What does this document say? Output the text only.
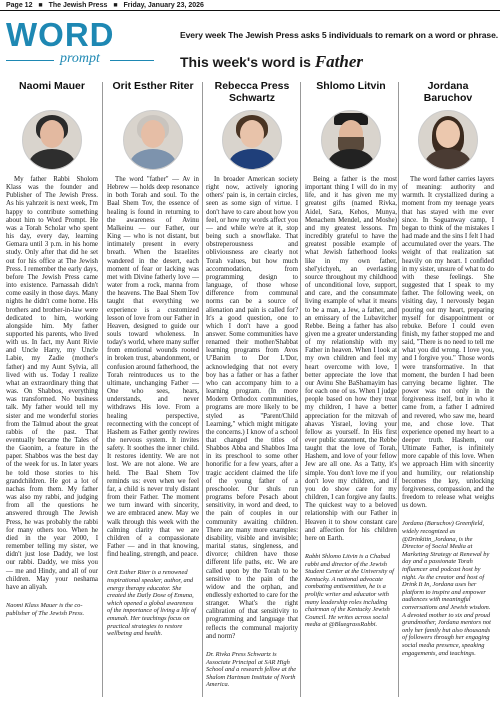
Page 12 ■ The Jewish Press ■ Friday, January 23, 2026
WORD
prompt
Every week The Jewish Press asks 5 individuals to remark on a word or phrase.
This week's word is Father
Naomi Mauer

My father Rabbi Sholom Klass was the founder and Publisher of The Jewish Press. As his yahrzeit is next week, I'm happy to contribute something about him to Word Prompt. He was a Torah Scholar who spent his day, every day, learning Gemara until 3 p.m. in his home study. Only after that did he set out for his office at The Jewish Press. I remember the early days, before The Jewish Press came into existence. Parnassah didn't come easily in those days. Many nights he didn't come home. His brothers and brother-in-law were dedicated to him, working alongside him. My father supported his parents, who lived with us. In fact, my Aunt Rivie and Uncle Harry, my Uncle Labie, my Zadie (mother's father) and my Aunt Sylvia, all lived with us. Today I realize what an extraordinary thing that was. On Shabbos, everything was transformed. No business talk. My father would tell my sister and me wonderful stories from the Talmud about the great rabbis of the past. That eventually became the Tales of the Gaonim, a feature in the paper. Shabbos was the best day of the week for us. In later years he told those stories to his grandchildren. He got a lot of nachas from them. My father was also my rabbi, and judging from all the questions he answered through The Jewish Press, he was probably the rabbi for many others too. When he died in the year 2000, I remember telling my sister, we didn't just lose Daddy, we lost our rabbi. Daddy, we miss you — me and Hindy, and all of our children. May your neshama have an aliyah.

Naomi Klass Mauer is the co-publisher of The Jewish Press.
Orit Esther Riter

The word "father" — Av in Hebrew — holds deep resonance in both Torah and soul. To the Baal Shem Tov, the essence of healing is found in returning to the awareness of Avinu Malkeinu — our Father, our King — who is not distant, but intimately present in every breath. When the Israelites wandered in the desert, each moment of fear or lacking was met with Divine fatherly love — water from a rock, manna from the heavens. The Baal Shem Tov taught that everything we experience is a customized lesson of love from our Father in Heaven, designed to guide our souls toward wholeness. In today's world, where many suffer from emotional wounds rooted in broken trust, abandonment, or confusion around fatherhood, the Torah reintroduces us to the ultimate, unchanging Father — One who sees, hears, understands, and never withdraws His love. From a healing perspective, reconnecting with the concept of Hashem as Father gently rewires the nervous system. It invites safety. It soothes the inner child. It restores identity. We are not lost. We are not alone. We are held. The Baal Shem Tov reminds us: even when we feel far, a child is never truly distant from their Father. The moment we turn inward with sincerity, we are embraced anew. May we walk through this week with the calming clarity that we are children of a compassionate Father — and in that knowing, find healing, strength, and peace.

Orit Esther Riter is a renowned inspirational speaker, author, and energy therapy educator. She created the Daily Dose of Emuna, which opened a global awareness of the importance of living a life of emunah. Her teachings focus on practical strategies to restore wellbeing and health.
Rebecca Press Schwartz

In broader American society right now, actively ignoring others' pain is, in certain circles, seen as some sign of virtue. I don't have to care about how you feel, or how my words affect you — and while we're at it, stop being such a snowflake. That obstreperousness and obliviousness are clearly not Torah values, but how much accommodation, from programming design to language, of those whose difference from communal norms can be a source of alienation and pain is called for? It's a good question, one to which I don't have a good answer. Some communities have renamed their mother/Shabbat learning programs from Avos U'Banim to Dor L'Dor, acknowledging that not every boy has a father or has a father who can accompany him to a learning program. (In more Modern Orthodox communities, programs are more likely to be styled as "Parent/Child Learning," which might mitigate the concerns.) I know of a school that changed the titles of Shabbos Abba and Shabbos Ima in its preschool to some other honorific for a few years, after a tragic accident claimed the life of the young father of a preschooler. Our shuls run programs before Pesach about sensitivity, in word and deed, to the pain of couples in our community awaiting children. There are many more examples: disability, visible and invisible; marital status, singleness, and divorce; children have those different life paths, etc. We are called upon by the Torah to be sensitive to the pain of the widow and the orphan, and endlessly exhorted to care for the stranger. What's the right calibration of that sensitivity to programming and language that reflects the communal majority and norm?

Dr. Rivka Press Schwartz is Associate Principal at SAR High School and a research fellow at the Shalom Hartman Institute of North America.
Shlomo Litvin

Being a father is the most important thing I will do in my life, and it has given me my greatest gifts (named Rivka, Aidel, Sara, Kehos, Munya, Menachem Mendel, and Moshe) and my greatest lessons. I'm incredibly grateful to have the greatest possible example of what Jewish fatherhood looks like in my own father, shel'yichyeh, an everlasting source throughout my childhood of unconditional love, support, and care, and the consummate living example of what it means to be a man, a Jew, a father, and an emissary of the Lubavitcher Rebbe. Being a father has also given me a greater understanding of my relationship with my Father in heaven. When I look at my own children and feel my heart overcome with love, I better appreciate the love that our Avinu She BaShamayim has for each one of us. When I judge people based on how they treat my children, I have a better appreciation for the mitzvah of ahavas Yisrael, loving your fellow as yourself. In His first ever public statement, the Rebbe taught that the love of Torah, Hashem, and love of your fellow Jew are all one. As a Tatty, it's simple. You don't love me if you don't love my children, and if you do show care for my children, I can forgive any faults. The quickest way to a beloved relationship with our Father in Heaven it to show constant care and affection for his children here on Earth.

Rabbi Shlomo Litvin is a Chabad rabbi and director of the Jewish Student Center at the University of Kentucky. A national advocate combating antisemitism, he is a prolific writer and educator with many leadership roles including chairman of the Kentucky Jewish Council. He writes across social media at @BluegrassRabbi.
Jordana Baruchov

The word father carries layers of meaning: authority and warmth. It crystallized during a moment from my teenage years that has stayed with me ever since. In Soguanway camp, I began to think of the mistakes I had made and the sins I felt I had accumulated over the years. The weight of that realization sat heavily on my heart. I confided in my sister, unsure of what to do with these feelings. She suggested that I speak to my father. The following week, on visiting day, I nervously began pouring out my heart, preparing myself for disappointment or rebuke. Before I could even finish, my father stopped me and said, "There is no need to tell me what you did wrong. I love you, and I forgive you." Those words were transformative. In that moment, the burden I had been carrying became lighter. The power was not only in the forgiveness itself, but in who it came from, a father I admired and revered, who saw me, heard me, and chose love. That experience opened my heart to a deeper truth. Hashem, our Ultimate Father, is infinitely more capable of this love. When we approach Him with sincerity and humility, our relationship becomes the key, unlocking forgiveness, compassion, and the freedom to release what weighs us down.

Jordana (Baruchov) Greenfield, widely recognized as @Drinkitin_Jordana, is the Director of Social Media at Marketing Strategy at Renewal by day and a passionate Torah influencer and podcast host by night. As the creator and host of Drink It In, Jordana uses her platform to inspire and empower audiences with meaningful conversations and Jewish wisdom. A devoted mother to six and proud grandmother, Jordana mentors not only her family but also thousands of followers through her engaging social media presence, speaking engagements, and teachings.
